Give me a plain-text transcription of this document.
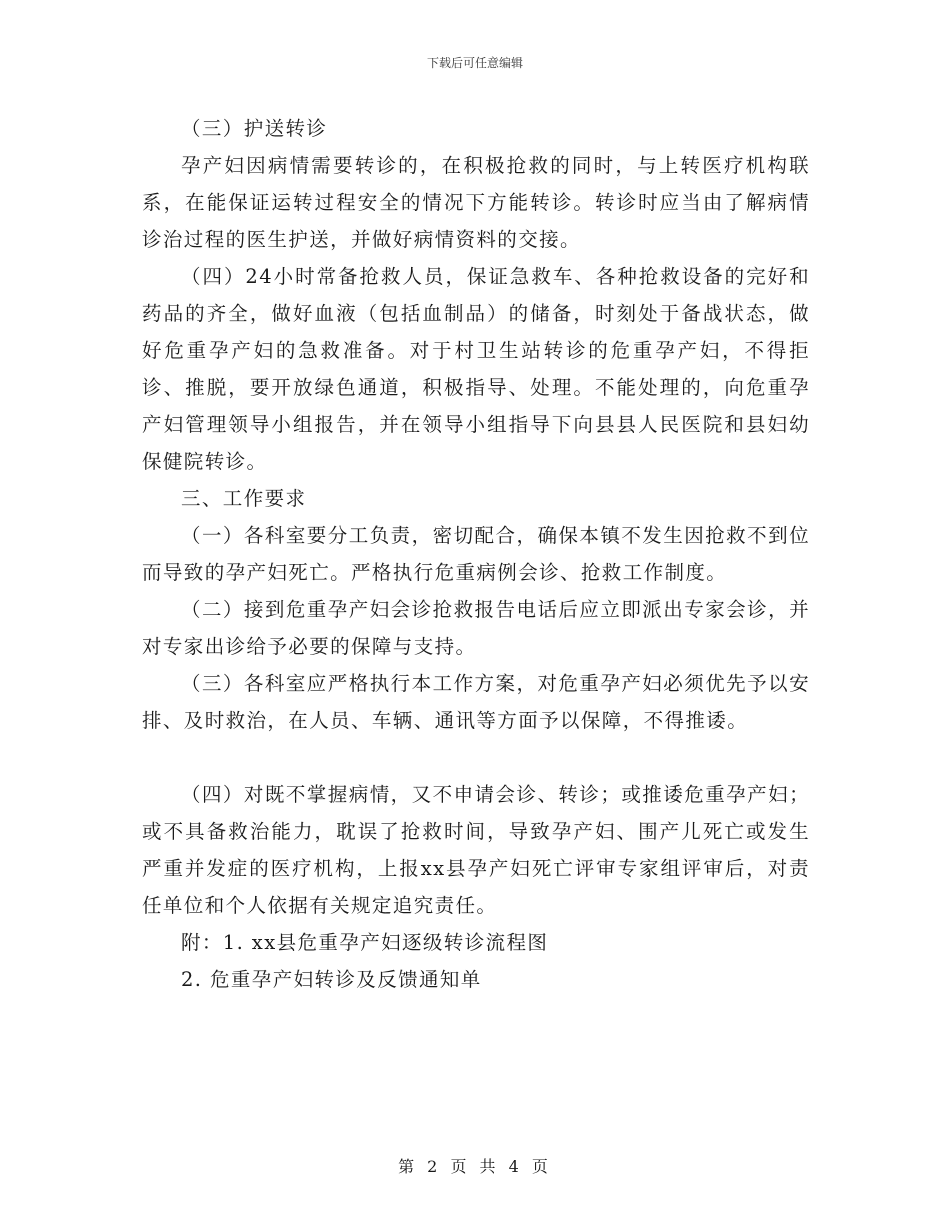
下载后可任意编辑

（三）护送转诊

孕产妇因病情需要转诊的，在积极抢救的同时，与上转医疗机构联系，在能保证运转过程安全的情况下方能转诊。转诊时应当由了解病情诊治过程的医生护送，并做好病情资料的交接。

（四）24小时常备抢救人员，保证急救车、各种抢救设备的完好和药品的齐全，做好血液（包括血制品）的储备，时刻处于备战状态，做好危重孕产妇的急救准备。对于村卫生站转诊的危重孕产妇，不得拒诊、推脱，要开放绿色通道，积极指导、处理。不能处理的，向危重孕产妇管理领导小组报告，并在领导小组指导下向县县人民医院和县妇幼保健院转诊。

三、工作要求

（一）各科室要分工负责，密切配合，确保本镇不发生因抢救不到位而导致的孕产妇死亡。严格执行危重病例会诊、抢救工作制度。

（二）接到危重孕产妇会诊抢救报告电话后应立即派出专家会诊，并对专家出诊给予必要的保障与支持。

（三）各科室应严格执行本工作方案，对危重孕产妇必须优先予以安排、及时救治，在人员、车辆、通讯等方面予以保障，不得推诿。

（四）对既不掌握病情，又不申请会诊、转诊；或推诿危重孕产妇；或不具备救治能力，耽误了抢救时间，导致孕产妇、围产儿死亡或发生严重并发症的医疗机构，上报xx县孕产妇死亡评审专家组评审后，对责任单位和个人依据有关规定追究责任。

附：1. xx县危重孕产妇逐级转诊流程图

2. 危重孕产妇转诊及反馈通知单

第 2 页 共 4 页
